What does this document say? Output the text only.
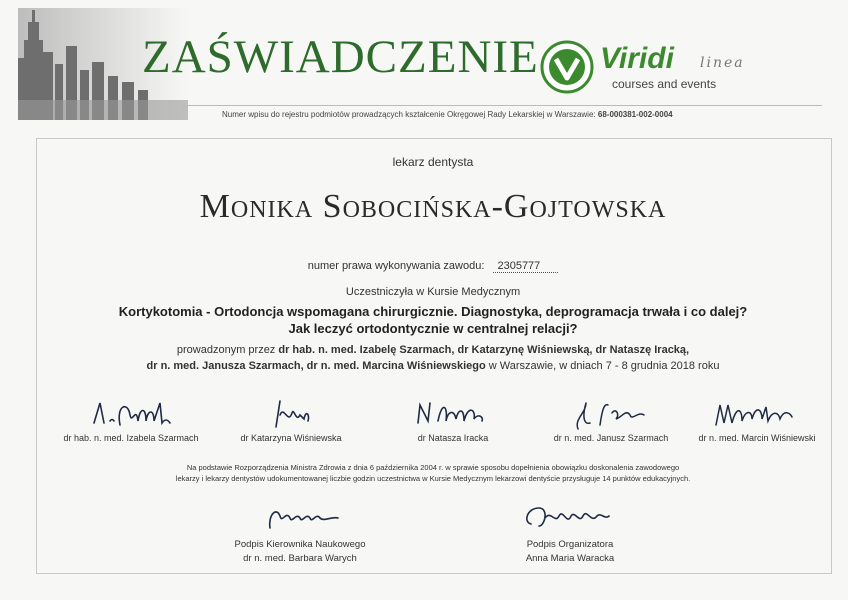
ZAŚWIADCZENIE Viridi linea
courses and events
Numer wpisu do rejestru podmiotów prowadzących kształcenie Okręgowej Rady Lekarskiej w Warszawie: 68-000381-002-0004
lekarz dentysta
Monika Sobocińska-Gojtowska
numer prawa wykonywania zawodu: 2305777
Uczestniczyła w Kursie Medycznym
Kortykotomia - Ortodoncja wspomagana chirurgicznie. Diagnostyka, deprogramacja trwała i co dalej?
Jak leczyć ortodontycznie w centralnej relacji?
prowadzonym przez dr hab. n. med. Izabelę Szarmach, dr Katarzynę Wiśniewską, dr Nataszę Iracką,
dr n. med. Janusza Szarmach, dr n. med. Marcina Wiśniewskiego w Warszawie, w dniach 7 - 8 grudnia 2018 roku
dr hab. n. med. Izabela Szarmach	dr Katarzyna Wiśniewska	dr Natasza Iracka	dr n. med. Janusz Szarmach	dr n. med. Marcin Wiśniewski
Na podstawie Rozporządzenia Ministra Zdrowia z dnia 6 października 2004 r. w sprawie sposobu dopełnienia obowiązku doskonalenia zawodowego
lekarzy i lekarzy dentystów udokumentowanej liczbie godzin uczestnictwa w Kursie Medycznym lekarzowi dentyście przysługuje 14 punktów edukacyjnych.
Podpis Kierownika Naukowego
dr n. med. Barbara Warych
Podpis Organizatora
Anna Maria Waracka
